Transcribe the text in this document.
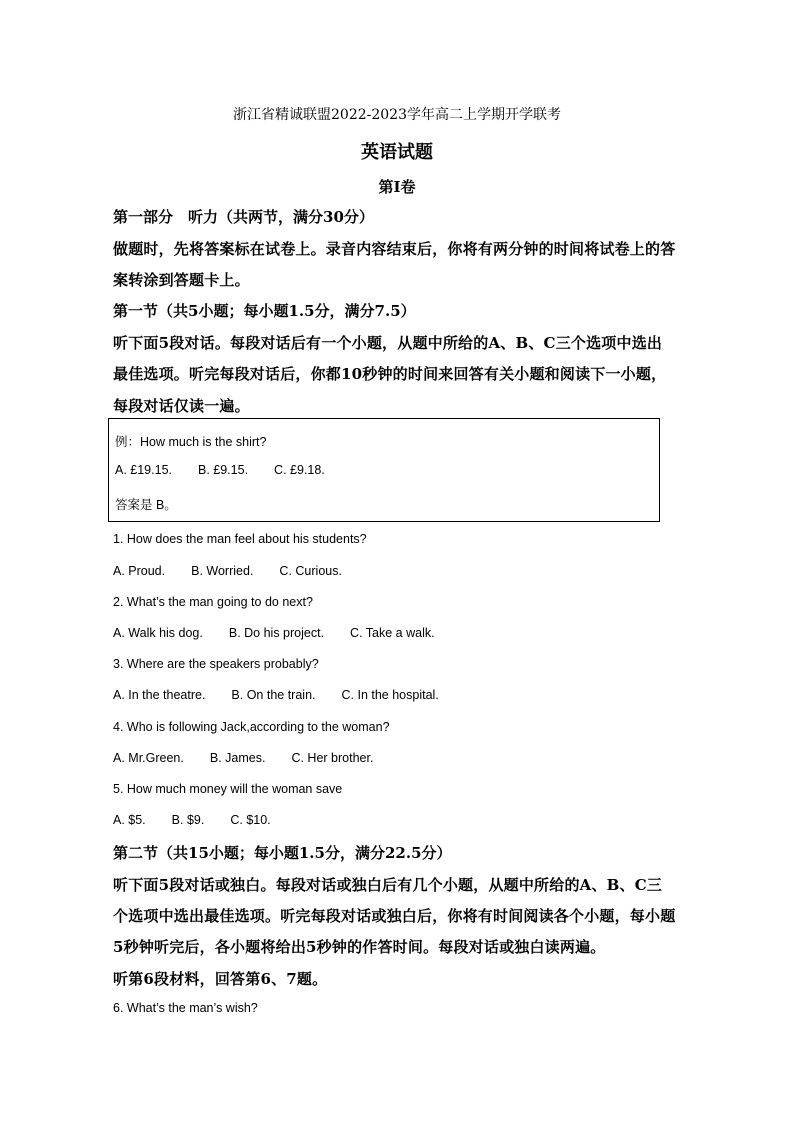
浙江省精诚联盟2022-2023学年高二上学期开学联考
英语试题
第Ⅰ卷
第一部分　听力（共两节，满分30分）
做题时，先将答案标在试卷上。录音内容结束后，你将有两分钟的时间将试卷上的答
案转涂到答题卡上。
第一节（共5小题；每小题1.5分，满分7.5）
听下面5段对话。每段对话后有一个小题，从题中所给的A、B、C三个选项中选出
最佳选项。听完每段对话后，你都10秒钟的时间来回答有关小题和阅读下一小题，
每段对话仅读一遍。
例：How much is the shirt?
A. £19.15. B. £9.15. C. £9.18.
答案是 B。
1. How does the man feel about his students?
A. Proud. B. Worried. C. Curious.
2. What’s the man going to do next?
A. Walk his dog. B. Do his project. C. Take a walk.
3. Where are the speakers probably?
A. In the theatre. B. On the train. C. In the hospital.
4. Who is following Jack,according to the woman?
A. Mr.Green. B. James. C. Her brother.
5. How much money will the woman save
A. $5. B. $9. C. $10.
第二节（共15小题；每小题1.5分，满分22.5分）
听下面5段对话或独白。每段对话或独白后有几个小题，从题中所给的A、B、C三
个选项中选出最佳选项。听完每段对话或独白后，你将有时间阅读各个小题，每小题
5秒钟听完后，各小题将给出5秒钟的作答时间。每段对话或独白读两遍。
听第6段材料，回答第6、7题。
6. What’s the man’s wish?
